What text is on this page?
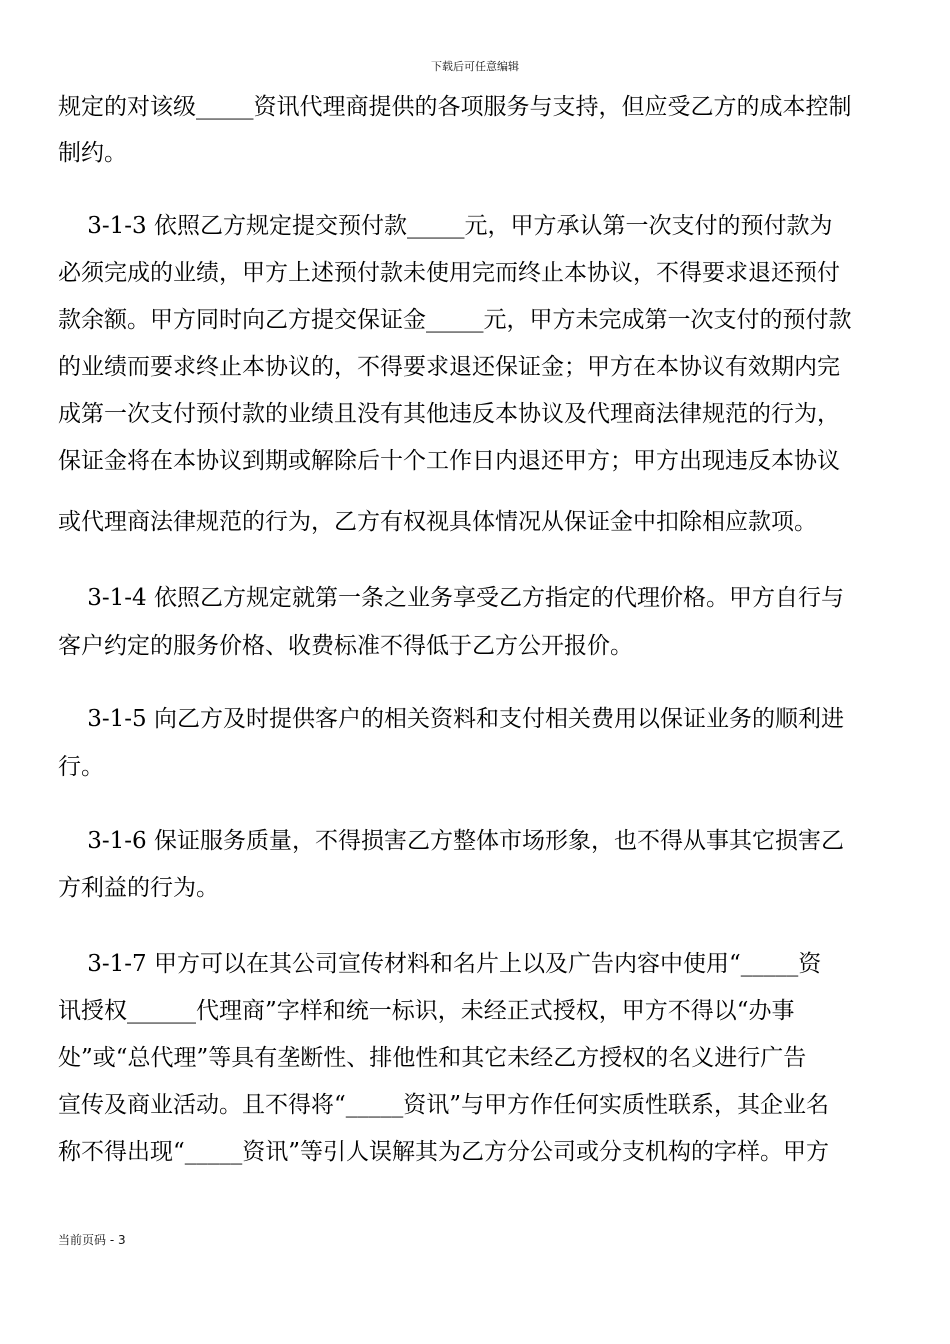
下载后可任意编辑
规定的对该级_____资讯代理商提供的各项服务与支持，但应受乙方的成本控制
制约。
3-1-3 依照乙方规定提交预付款_____元，甲方承认第一次支付的预付款为
必须完成的业绩，甲方上述预付款未使用完而终止本协议，不得要求退还预付
款余额。甲方同时向乙方提交保证金_____元，甲方未完成第一次支付的预付款
的业绩而要求终止本协议的，不得要求退还保证金；甲方在本协议有效期内完
成第一次支付预付款的业绩且没有其他违反本协议及代理商法律规范的行为，
保证金将在本协议到期或解除后十个工作日内退还甲方；甲方出现违反本协议
或代理商法律规范的行为，乙方有权视具体情况从保证金中扣除相应款项。
3-1-4 依照乙方规定就第一条之业务享受乙方指定的代理价格。甲方自行与
客户约定的服务价格、收费标准不得低于乙方公开报价。
3-1-5 向乙方及时提供客户的相关资料和支付相关费用以保证业务的顺利进
行。
3-1-6 保证服务质量，不得损害乙方整体市场形象，也不得从事其它损害乙
方利益的行为。
3-1-7 甲方可以在其公司宣传材料和名片上以及广告内容中使用“_____资
讯授权______代理商”字样和统一标识，未经正式授权，甲方不得以“办事
处”或“总代理”等具有垄断性、排他性和其它未经乙方授权的名义进行广告
宣传及商业活动。且不得将“_____资讯”与甲方作任何实质性联系，其企业名
称不得出现“_____资讯”等引人误解其为乙方分公司或分支机构的字样。甲方
当前页码 - 3
